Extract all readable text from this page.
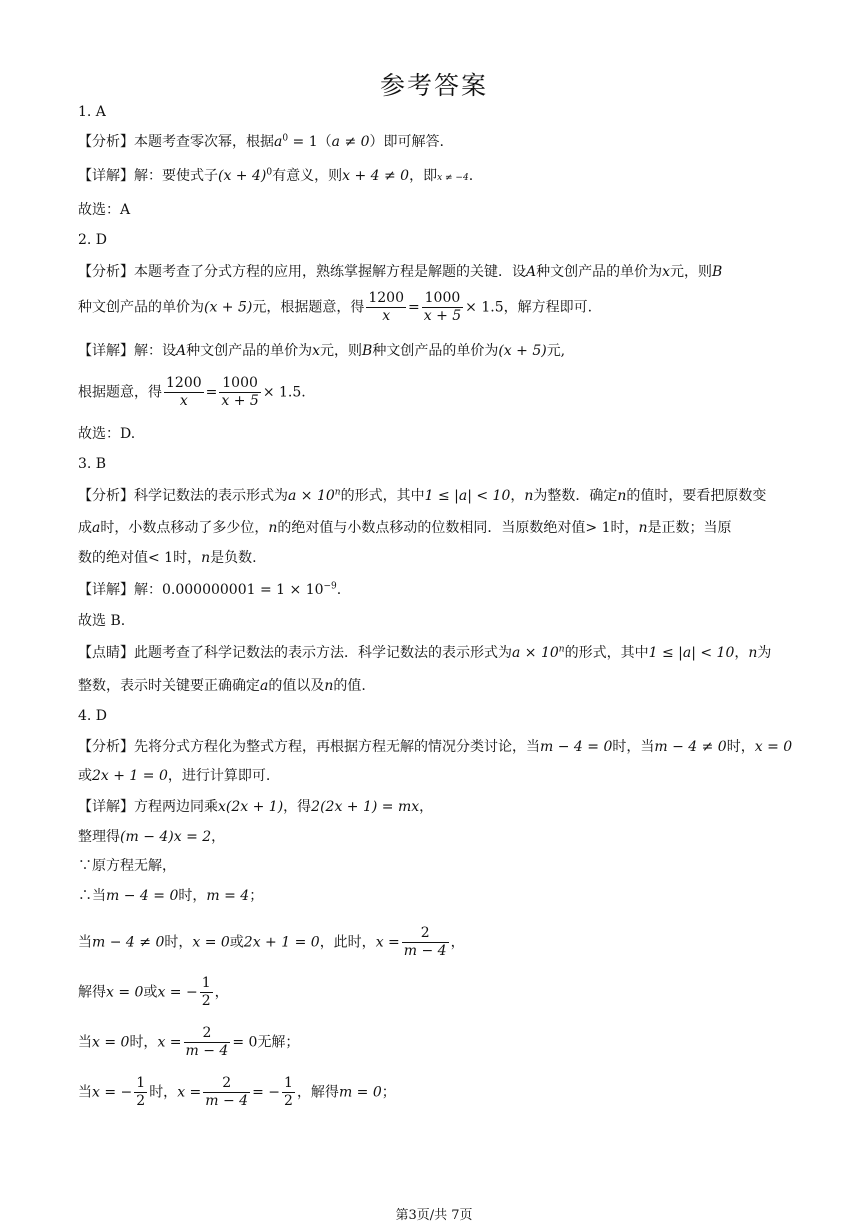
参考答案
1. A
【分析】本题考查零次幂，根据$a^0 = 1(a \ne 0)$即可解答.
【详解】解：要使式子$(x + 4)^0$有意义，则x + 4 ≠ 0，即x ≠ −4.
故选：A
2. D
【分析】本题考查了分式方程的应用，熟练掌握解方程是解题的关键．设A种文创产品的单价为x元，则B
种文创产品的单价为(x + 5)元，根据题意，得 $\frac{1200}{x} = \frac{1000}{x + 5} \times 1.5$，解方程即可.
【详解】解：设A种文创产品的单价为x元，则B种文创产品的单价为(x + 5)元,
根据题意，得 $\frac{1200}{x} = \frac{1000}{x + 5} \times 1.5$.
故选：D.
3. B
【分析】科学记数法的表示形式为$a \times 10^n$的形式，其中1 ≤ |a| < 10，n为整数．确定n的值时，要看把原数变
成a时，小数点移动了多少位，n的绝对值与小数点移动的位数相同．当原数绝对值> 1时，n是正数；当原
数的绝对值< 1时，n是负数.
【详解】解：$0.000000001 = 1 \times 10^{-9}$.
故选 B.
【点睛】此题考查了科学记数法的表示方法．科学记数法的表示形式为$a \times 10^n$的形式，其中1 ≤ |a| < 10，n为
整数，表示时关键要正确确定a的值以及n的值.
4. D
【分析】先将分式方程化为整式方程，再根据方程无解的情况分类讨论，当m − 4 = 0时，当m − 4 ≠ 0时，x = 0
或2x + 1 = 0，进行计算即可.
【详解】方程两边同乘x(2x + 1)，得2(2x + 1) = mx，
整理得(m − 4)x = 2，
∵原方程无解，
∴当m − 4 = 0时，m = 4；
当m − 4 ≠ 0时，x = 0或2x + 1 = 0，此时，$x = \frac{2}{m - 4}$ ，
解得x = 0或x = − $\frac{1}{2}$ ，
当x = 0时，$x = \frac{2}{m - 4} = 0$无解；
当x = − $\frac{1}{2}$ 时，$x = \frac{2}{m - 4}$ = − $\frac{1}{2}$ ，解得m = 0；
第3页/共 7页
